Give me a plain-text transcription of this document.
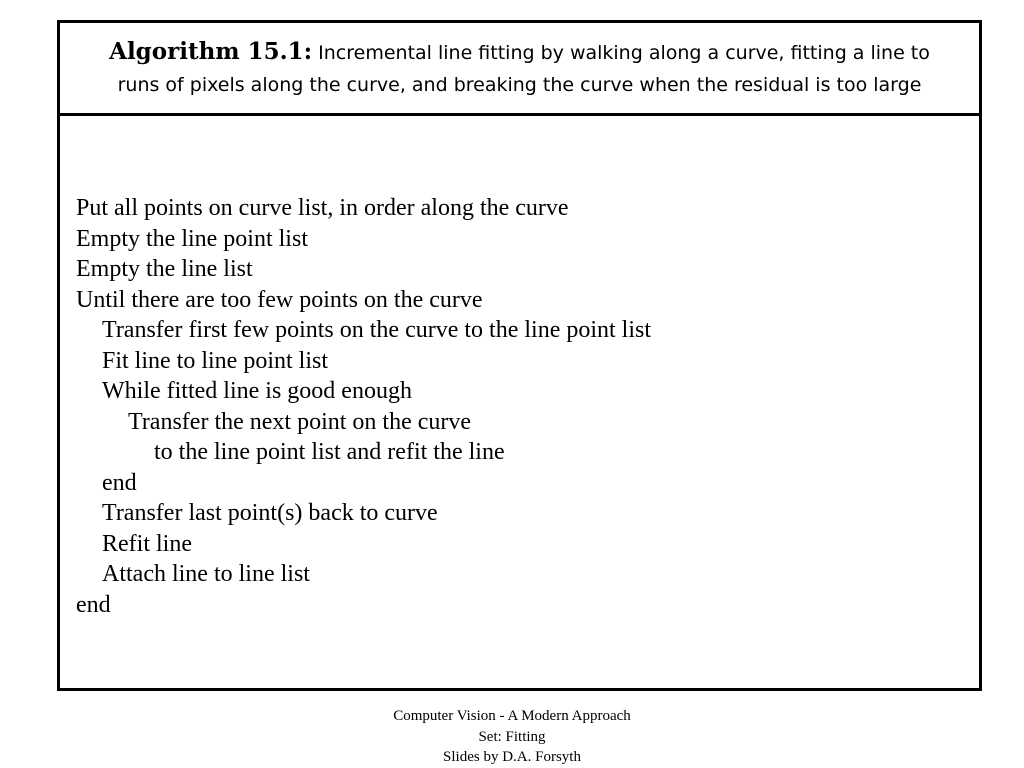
Algorithm 15.1: Incremental line fitting by walking along a curve, fitting a line to
runs of pixels along the curve, and breaking the curve when the residual is too large
Put all points on curve list, in order along the curve
Empty the line point list
Empty the line list
Until there are too few points on the curve
Transfer first few points on the curve to the line point list
Fit line to line point list
While fitted line is good enough
Transfer the next point on the curve
to the line point list and refit the line
end
Transfer last point(s) back to curve
Refit line
Attach line to line list
end
Computer Vision - A Modern Approach
Set: Fitting
Slides by D.A. Forsyth
